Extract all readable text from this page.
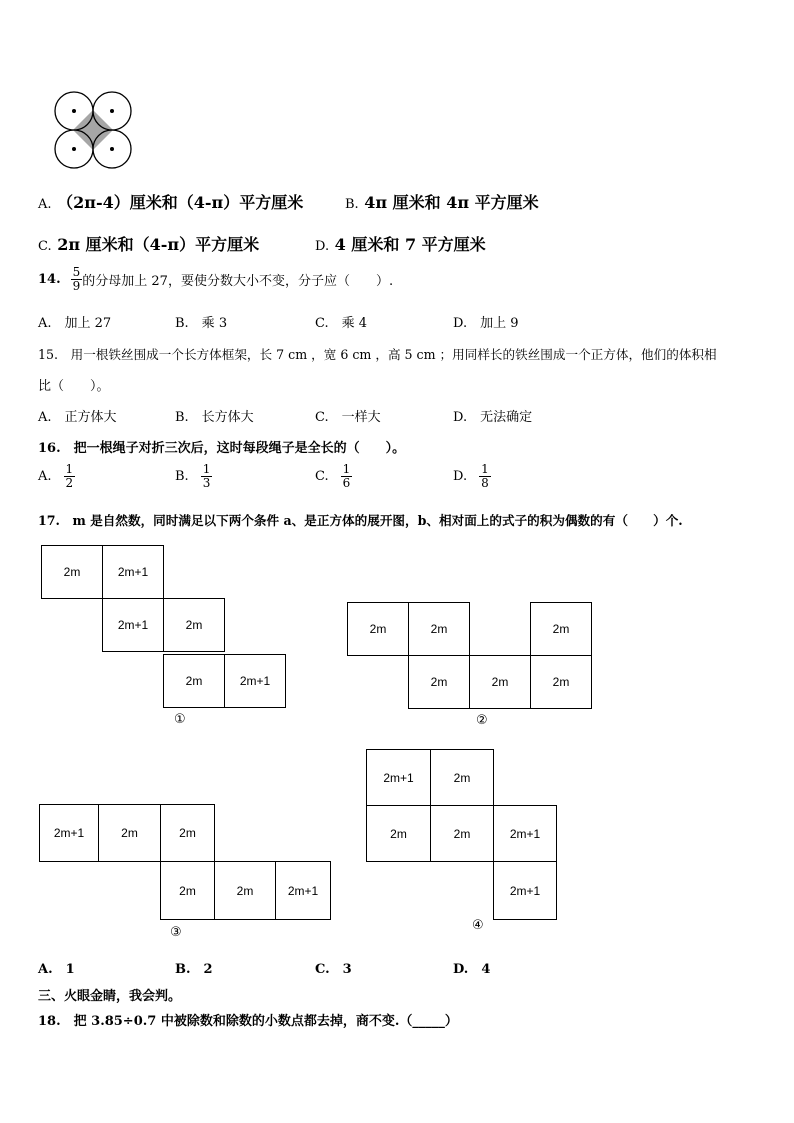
A. （2π-4）厘米和（4-π）平方厘米	B. 4π 厘米和 4π 平方厘米
C. 2π 厘米和（4-π）平方厘米	D. 4 厘米和 7 平方厘米
14. $\frac{5}{9}$ 的分母加上 27，要使分数大小不变，分子应（　　）.
A.　加上 27	B.　乘 3	C.　乘 4	D.　加上 9
15.　用一根铁丝围成一个长方体框架，长 7 cm ，宽 6 cm ，高 5 cm ；用同样长的铁丝围成一个正方体，他们的体积相
比（　　）。
A.　正方体大	B.　长方体大	C.　一样大	D.　无法确定
16.　把一根绳子对折三次后，这时每段绳子是全长的（　　）。
A. $\frac{1}{2}$	B. $\frac{1}{3}$	C. $\frac{1}{6}$	D. $\frac{1}{8}$
17.　m 是自然数，同时满足以下两个条件 a、是正方体的展开图，b、相对面上的式子的积为偶数的有（　　）个.
2m	2m+1
2m+1	2m
2m	2m+1
①
2m	2m	2m
2m	2m	2m
②
2m+1	2m	2m
2m	2m	2m+1
③
2m+1	2m
2m	2m	2m+1
2m+1
④
A.　1	B.　2	C.　3	D.　4
三、火眼金睛，我会判。
18.　把 3.85÷0.7 中被除数和除数的小数点都去掉，商不变.（_____）
